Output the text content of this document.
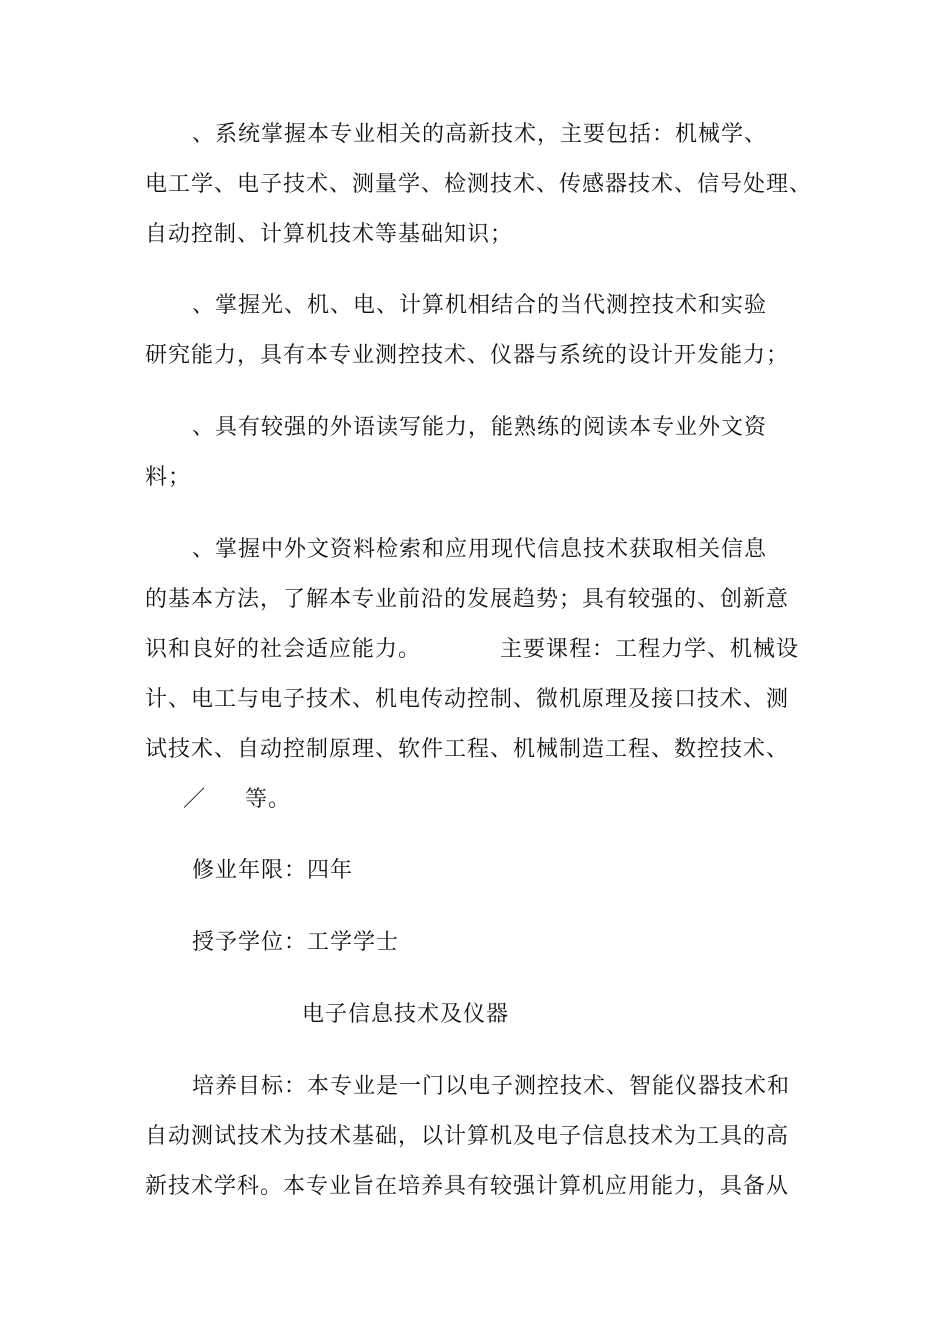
、系统掌握本专业相关的高新技术，主要包括：机械学、
电工学、电子技术、测量学、检测技术、传感器技术、信号处理、
自动控制、计算机技术等基础知识；
、掌握光、机、电、计算机相结合的当代测控技术和实验
研究能力，具有本专业测控技术、仪器与系统的设计开发能力；
、具有较强的外语读写能力，能熟练的阅读本专业外文资
料；
、掌握中外文资料检索和应用现代信息技术获取相关信息
的基本方法，了解本专业前沿的发展趋势；具有较强的、创新意
识和良好的社会适应能力。	主要课程：工程力学、机械设
计、电工与电子技术、机电传动控制、微机原理及接口技术、测
试技术、自动控制原理、软件工程、机械制造工程、数控技术、
／ 等。
修业年限：四年
授予学位：工学学士
电子信息技术及仪器
培养目标：本专业是一门以电子测控技术、智能仪器技术和
自动测试技术为技术基础，以计算机及电子信息技术为工具的高
新技术学科。本专业旨在培养具有较强计算机应用能力，具备从
